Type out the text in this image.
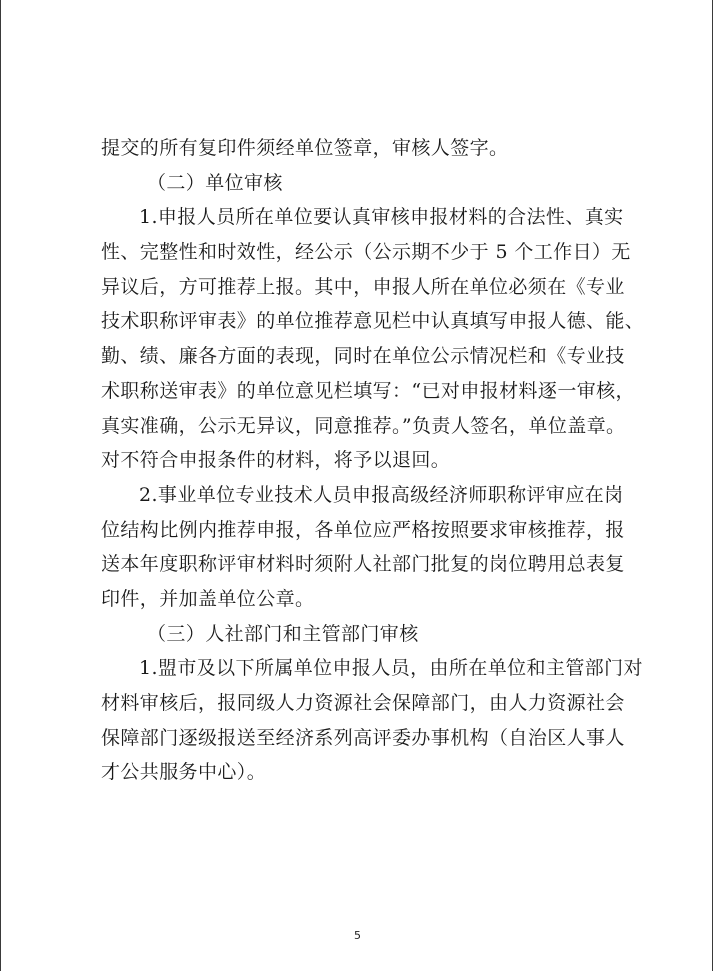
提交的所有复印件须经单位签章，审核人签字。
（二）单位审核
1.申报人员所在单位要认真审核申报材料的合法性、真实
性、完整性和时效性，经公示（公示期不少于 5 个工作日）无
异议后，方可推荐上报。其中，申报人所在单位必须在《专业
技术职称评审表》的单位推荐意见栏中认真填写申报人德、能、
勤、绩、廉各方面的表现，同时在单位公示情况栏和《专业技
术职称送审表》的单位意见栏填写：“已对申报材料逐一审核，
真实准确，公示无异议，同意推荐。”负责人签名，单位盖章。
对不符合申报条件的材料，将予以退回。
2.事业单位专业技术人员申报高级经济师职称评审应在岗
位结构比例内推荐申报，各单位应严格按照要求审核推荐，报
送本年度职称评审材料时须附人社部门批复的岗位聘用总表复
印件，并加盖单位公章。
（三）人社部门和主管部门审核
1.盟市及以下所属单位申报人员，由所在单位和主管部门对
材料审核后，报同级人力资源社会保障部门，由人力资源社会
保障部门逐级报送至经济系列高评委办事机构（自治区人事人
才公共服务中心）。
5
